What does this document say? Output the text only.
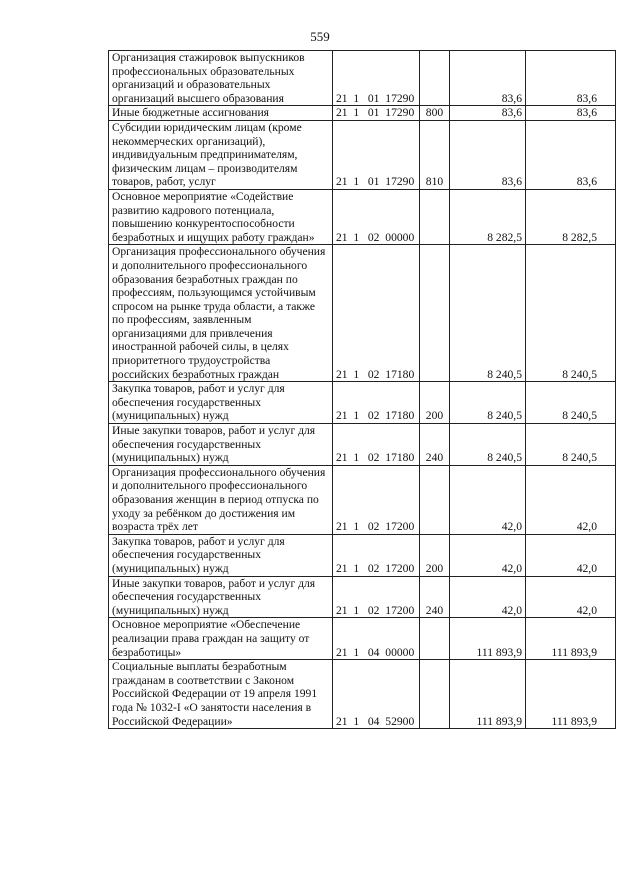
559
Организация стажировок выпускников профессиональных образовательных организаций и образовательных организаций высшего образования	21  1   01  17290		83,6	83,6
Иные бюджетные ассигнования	21  1   01  17290	800	83,6	83,6
Субсидии юридическим лицам (кроме некоммерческих организаций), индивидуальным предпринимателям, физическим лицам – производителям товаров, работ, услуг	21  1   01  17290	810	83,6	83,6
Основное мероприятие «Содействие развитию кадрового потенциала, повышению конкурентоспособности безработных и ищущих работу граждан»	21  1   02  00000		8 282,5	8 282,5
Организация профессионального обучения и дополнительного профессионального образования безработных граждан по профессиям, пользующимся устойчивым спросом на рынке труда области, а также по профессиям, заявленным организациями для привлечения иностранной рабочей силы, в целях приоритетного трудоустройства российских безработных граждан	21  1   02  17180		8 240,5	8 240,5
Закупка товаров, работ и услуг для обеспечения государственных (муниципальных) нужд	21  1   02  17180	200	8 240,5	8 240,5
Иные закупки товаров, работ и услуг для обеспечения государственных (муниципальных) нужд	21  1   02  17180	240	8 240,5	8 240,5
Организация профессионального обучения и дополнительного профессионального образования женщин в период отпуска по уходу за ребёнком до достижения им возраста трёх лет	21  1   02  17200		42,0	42,0
Закупка товаров, работ и услуг для обеспечения государственных (муниципальных) нужд	21  1   02  17200	200	42,0	42,0
Иные закупки товаров, работ и услуг для обеспечения государственных (муниципальных) нужд	21  1   02  17200	240	42,0	42,0
Основное мероприятие «Обеспечение реализации права граждан на защиту от безработицы»	21  1   04  00000		111 893,9	111 893,9
Социальные выплаты безработным гражданам в соответствии с Законом Российской Федерации от 19 апреля 1991 года № 1032-I «О занятости населения в Российской Федерации»	21  1   04  52900		111 893,9	111 893,9
